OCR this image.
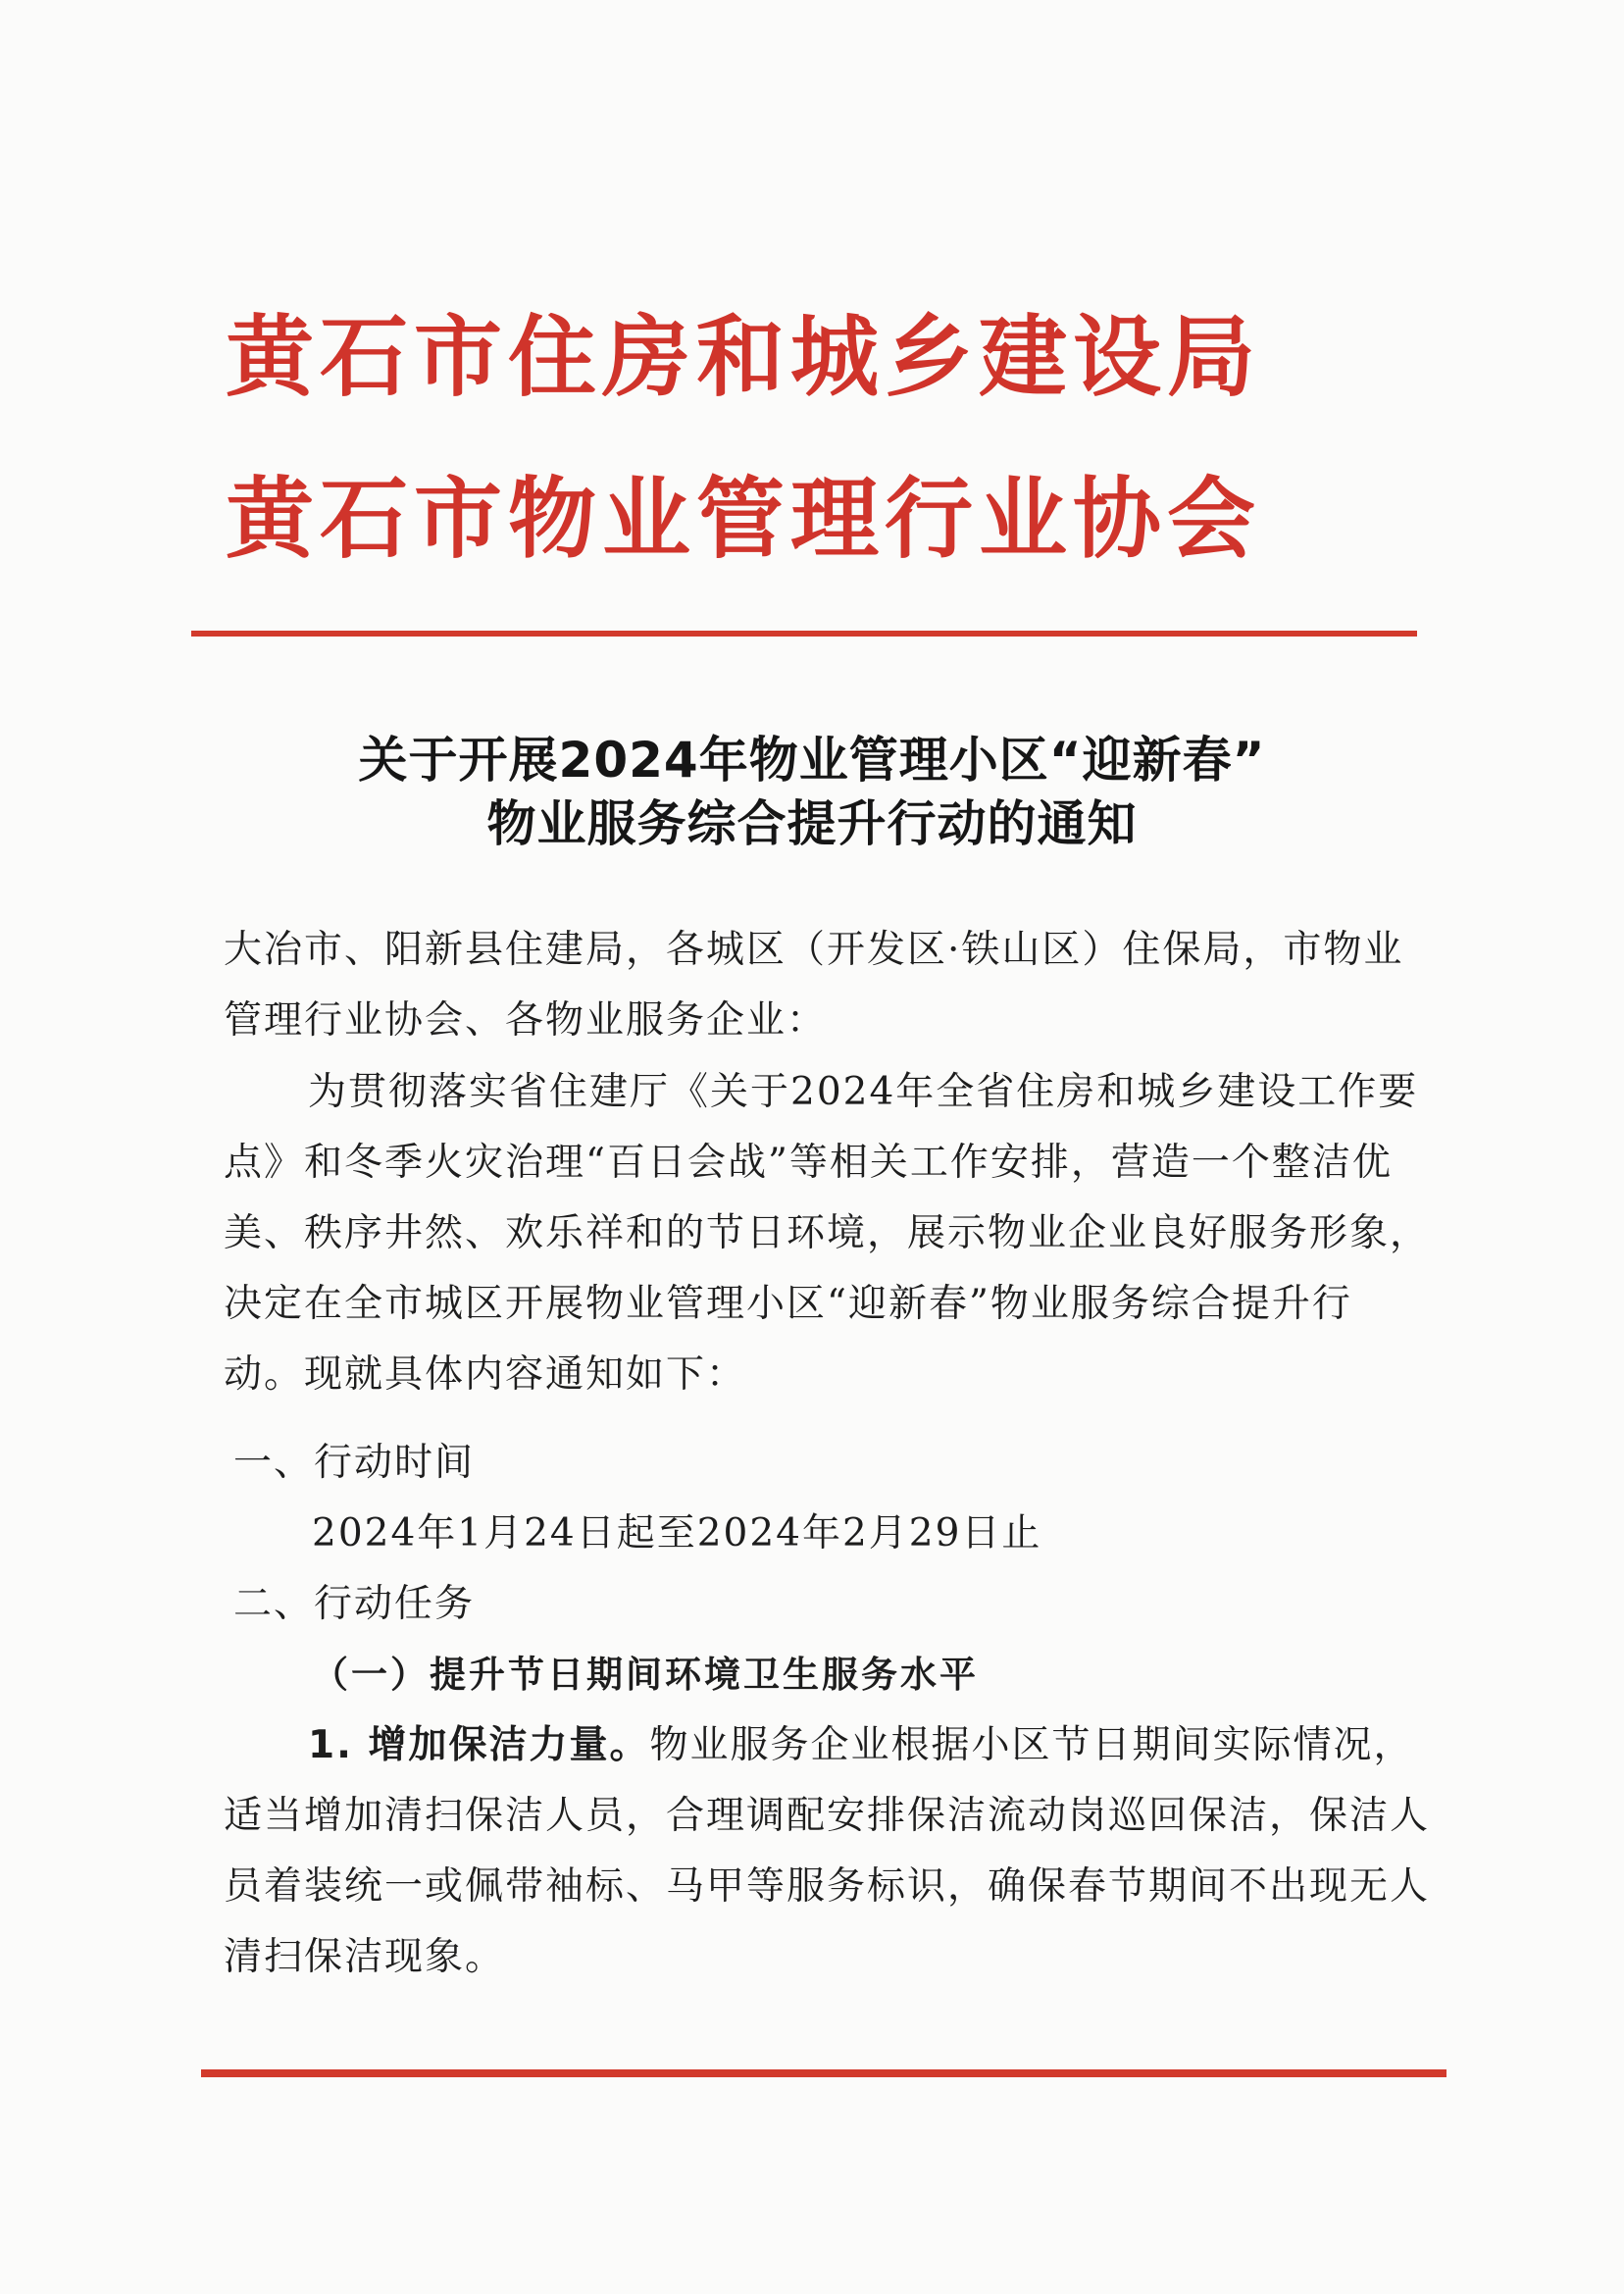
黄石市住房和城乡建设局
黄石市物业管理行业协会
关于开展2024年物业管理小区“迎新春”
物业服务综合提升行动的通知
大冶市、阳新县住建局，各城区（开发区·铁山区）住保局，市物业管理行业协会、各物业服务企业：
为贯彻落实省住建厅《关于2024年全省住房和城乡建设工作要点》和冬季火灾治理“百日会战”等相关工作安排，营造一个整洁优美、秩序井然、欢乐祥和的节日环境，展示物业企业良好服务形象，决定在全市城区开展物业管理小区“迎新春”物业服务综合提升行动。现就具体内容通知如下：
一、行动时间
2024年1月24日起至2024年2月29日止
二、行动任务
（一）提升节日期间环境卫生服务水平
1. 增加保洁力量。物业服务企业根据小区节日期间实际情况，适当增加清扫保洁人员，合理调配安排保洁流动岗巡回保洁，保洁人员着装统一或佩带袖标、马甲等服务标识，确保春节期间不出现无人清扫保洁现象。
